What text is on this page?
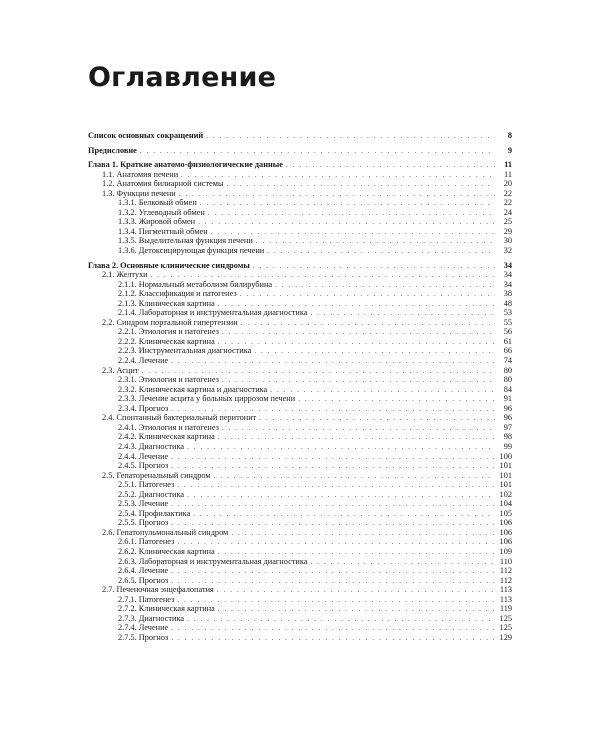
Оглавление
Список основных сокращений . . .	8
Предисловие . . .	9
Глава 1. Краткие анатомо-физиологические данные . . .	11
1.1. Анатомия печени . . .	11
1.2. Анатомия билиарной системы . . .	20
1.3. Функции печени . . .	22
1.3.1. Белковый обмен . . .	22
1.3.2. Углеводный обмен . . .	24
1.3.3. Жировой обмен . . .	25
1.3.4. Пигментный обмен . . .	29
1.3.5. Выделительная функция печени . . .	30
1.3.6. Детоксицирующая функция печени . . .	32
Глава 2. Основные клинические синдромы . . .	34
2.1. Желтухи . . .	34
2.1.1. Нормальный метаболизм билирубина . . .	34
2.1.2. Классификация и патогенез . . .	38
2.1.3. Клиническая картина . . .	48
2.1.4. Лабораторная и инструментальная диагностика . . .	53
2.2. Синдром портальной гипертензии . . .	55
2.2.1. Этиология и патогенез . . .	56
2.2.2. Клиническая картина . . .	61
2.2.3. Инструментальная диагностика . . .	66
2.2.4. Лечение . . .	74
2.3. Асцит . . .	80
2.3.1. Этиология и патогенез . . .	80
2.3.2. Клиническая картина и диагностика . . .	84
2.3.3. Лечение асцита у больных циррозом печени . . .	91
2.3.4. Прогноз . . .	96
2.4. Спонтанный бактериальный перитонит . . .	96
2.4.1. Этиология и патогенез . . .	97
2.4.2. Клиническая картина . . .	98
2.4.3. Диагностика . . .	99
2.4.4. Лечение . . .	100
2.4.5. Прогноз . . .	101
2.5. Гепаторенальный синдром . . .	101
2.5.1. Патогенез . . .	101
2.5.2. Диагностика . . .	102
2.5.3. Лечение . . .	104
2.5.4. Профилактика . . .	105
2.5.5. Прогноз . . .	106
2.6. Гепатопульмональный синдром . . .	106
2.6.1. Патогенез . . .	106
2.6.2. Клиническая картина . . .	109
2.6.3. Лабораторная и инструментальная диагностика . . .	110
2.6.4. Лечение . . .	112
2.6.5. Прогноз . . .	112
2.7. Печеночная энцефалопатия . . .	113
2.7.1. Патогенез . . .	113
2.7.2. Клиническая картина . . .	119
2.7.3. Диагностика . . .	125
2.7.4. Лечение . . .	125
2.7.5. Прогноз . . .	129
